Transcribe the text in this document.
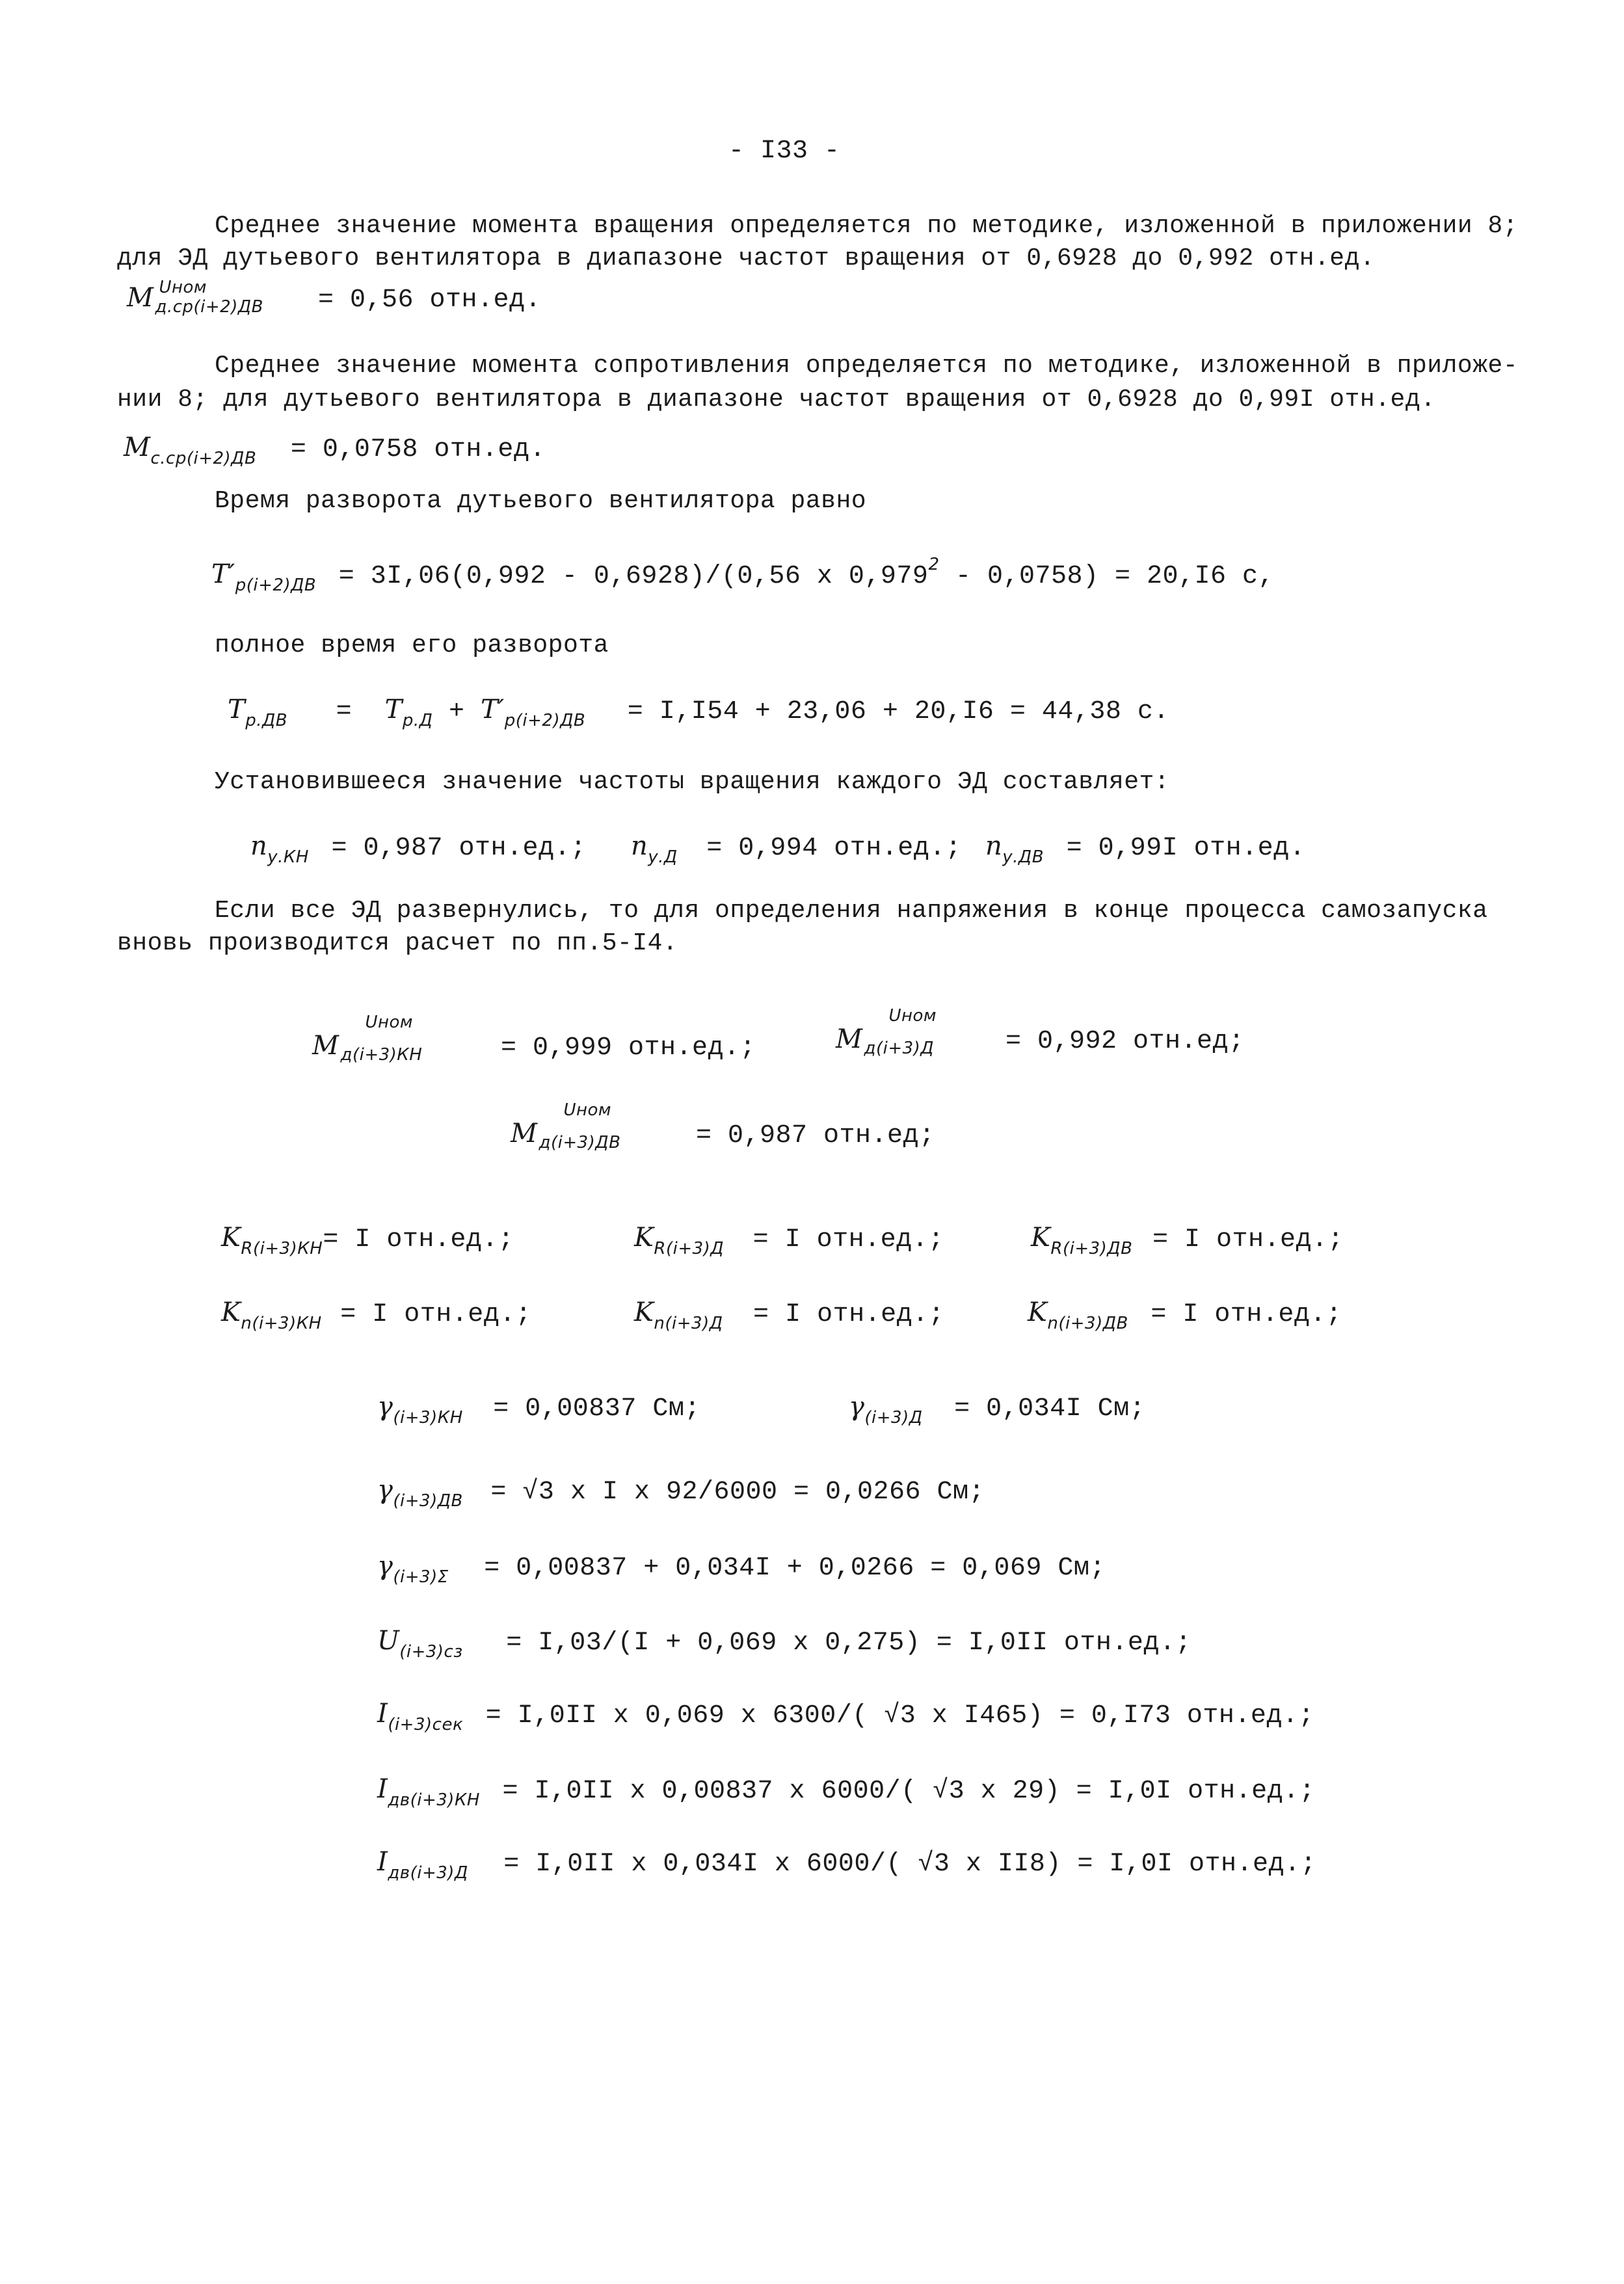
- I33 -
Среднее значение момента вращения определяется по методике, изложенной в приложении 8;
для ЭД дутьевого вентилятора в диапазоне частот вращения от 0,6928 до 0,992 отн.ед.
M Uном
д.ср(i+2)ДВ = 0,56 отн.ед.
Среднее значение момента сопротивления определяется по методике, изложенной в приложе-
нии 8; для дутьевого вентилятора в диапазоне частот вращения от 0,6928 до 0,99I отн.ед.
$M_{с.ср(i+2)ДВ} = 0,0758$ отн.ед.
Время разворота дутьевого вентилятора равно
$T'_{р(i+2)ДВ} = 3I,06(0,992 - 0,6928)/(0,56$ x 0,979$^2$ - 0,0758) = 20,I6 с,
полное время его разворота
$T_{р.ДВ} = T_{р.Д} + T'_{р(i+2)ДВ} = I,I54 + 23,06 + 20,I6 = 44,38$ с.
Установившееся значение частоты вращения каждого ЭД составляет:
$n_{у.КН} = 0,987$ отн.ед.; $n_{у.Д} = 0,994$ отн.ед.; $n_{у.ДВ} = 0,99I$ отн.ед.
Если все ЭД развернулись, то для определения напряжения в конце процесса самозапуска
вновь производится расчет по пп.5-I4.
M
Uном
д(i+3)КН	= 0,999 отн.ед.;	M
Uном
д(i+3)Д	= 0,992 отн.ед;
M
Uном
д(i+3)ДВ	= 0,987 отн.ед;
$K_{R(i+3)КН}= I$ отн.ед.;	$K_{R(i+3)Д} = I$ отн.ед.;	$K_{R(i+3)ДВ} = I$ отн.ед.;
$K_{n(i+3)КН} = I$ отн.ед.;	$K_{n(i+3)Д} = I$ отн.ед.;	$K_{n(i+3)ДВ} = I$ отн.ед.;
$\gamma_{(i+3)КН} = 0,00837$ См;	$\gamma_{(i+3)Д} = 0,034I$ См;
$\gamma_{(i+3)ДВ} = √3$ x I x 92/6000 = 0,0266 См;
$\gamma_{(i+3)\Sigma} = 0,00837 + 0,034I + 0,0266 = 0,069$ См;
$U_{(i+3)сз} = I,03/(I + 0,069$ x 0,275) = I,0II отн.ед.;
$I_{(i+3)сек} = I,0II$ x 0,069 x 6300/( √3 x I465) = 0,I73 отн.ед.;
$I_{дв(i+3)КН} = I,0II$ x 0,00837 x 6000/( √3 x 29) = I,0I отн.ед.;
$I_{дв(i+3)Д} = I,0II$ x 0,034I x 6000/( √3 x II8) = I,0I отн.ед.;
